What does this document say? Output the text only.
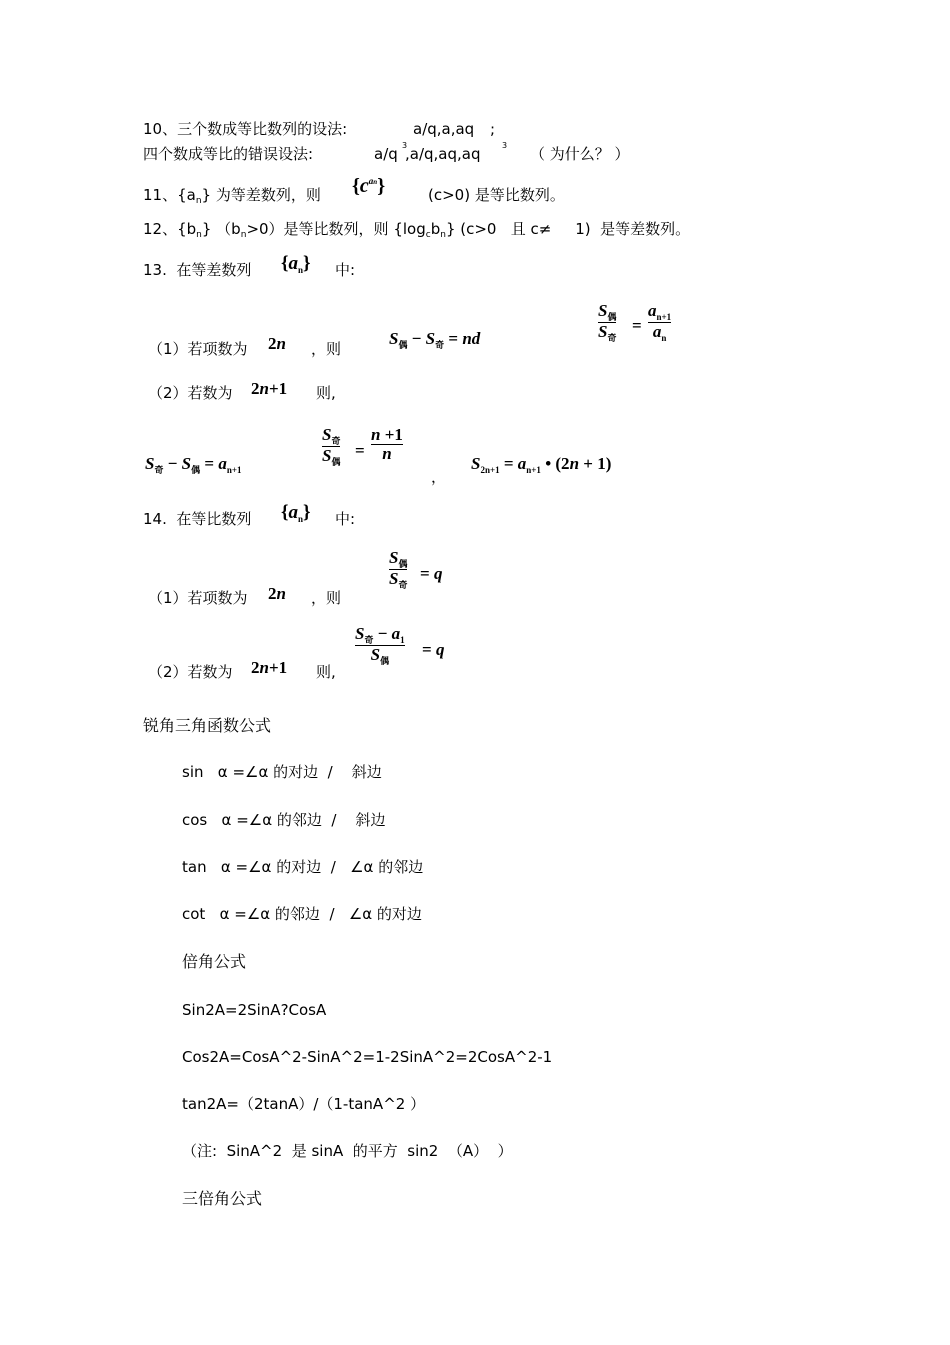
10、三个数成等比数列的设法:	a/q,a,aq ;
四个数成等比的错误设法:	a/q 3
,a/q,aq,aq	3 （ 为什么？ ）
11、$\{a_n\}$ 为等差数列，则 $\{c^{an}\}$	(c>0) 是等比数列。
12、$\{b_n\}$ $(b_n>0)$是等比数列，则 $\{\log_cb_n\}$ (c>0   且 c≠     1)  是等差数列。
13.  在等差数列 $\{a_n\}$ 中:
（1）若项数为 2n ，则
$S_偶 - S_奇$ = nd
$S_偶$
$S_奇$
=
$a_{n+1}$
$a_n$
（2）若数为 2n+1 则,
$S_奇 - S_偶 = a_{n+1}$
$S_奇$
$S_偶$
=
n +1
n
，
$S_{2n+1} = a_{n+1}$ • (2n + 1)
14.  在等比数列 $\{a_n\}$ 中:
（1）若项数为 2n ，则
$S_偶$
$S_奇$
= q
（2）若数为 2n+1 则,
$S_奇 - a_1$
$S_偶$
= q
锐角三角函数公式
sin   α =∠α 的对边  /    斜边
cos   α =∠α 的邻边  /    斜边
tan   α =∠α 的对边  /   ∠α 的邻边
cot   α =∠α 的邻边  /   ∠α 的对边
倍角公式
Sin2A=2SinA?CosA
Cos2A=CosA^2-SinA^2=1-2SinA^2=2CosA^2-1
tan2A=（2tanA）/（1-tanA^2 ）
（注:  SinA^2  是 sinA  的平方  sin2  （A）  ）
三倍角公式
